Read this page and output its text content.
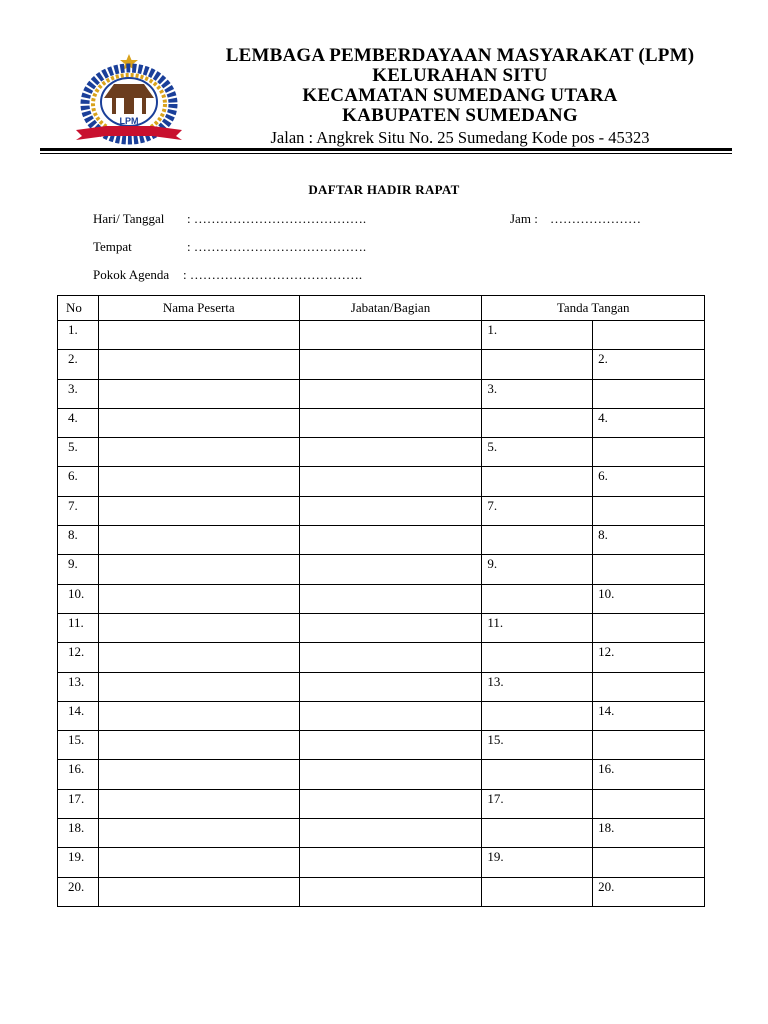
LPM
LEMBAGA PEMBERDAYAAN MASYARAKAT (LPM)
KELURAHAN SITU
KECAMATAN SUMEDANG UTARA
KABUPATEN SUMEDANG
Jalan : Angkrek Situ No. 25 Sumedang Kode pos - 45323
DAFTAR HADIR RAPAT
Hari/ Tanggal : ………………………………….	Jam : …………………
Tempat	: ………………………………….
Pokok Agenda : ………………………………….
No	Nama Peserta	Jabatan/Bagian	Tanda Tangan	
1.			1.	
2.				2.
3.			3.	
4.				4.
5.			5.	
6.				6.
7.			7.	
8.				8.
9.			9.	
10.				10.
11.			11.	
12.				12.
13.			13.	
14.				14.
15.			15.	
16.				16.
17.			17.	
18.				18.
19.			19.	
20.				20.
